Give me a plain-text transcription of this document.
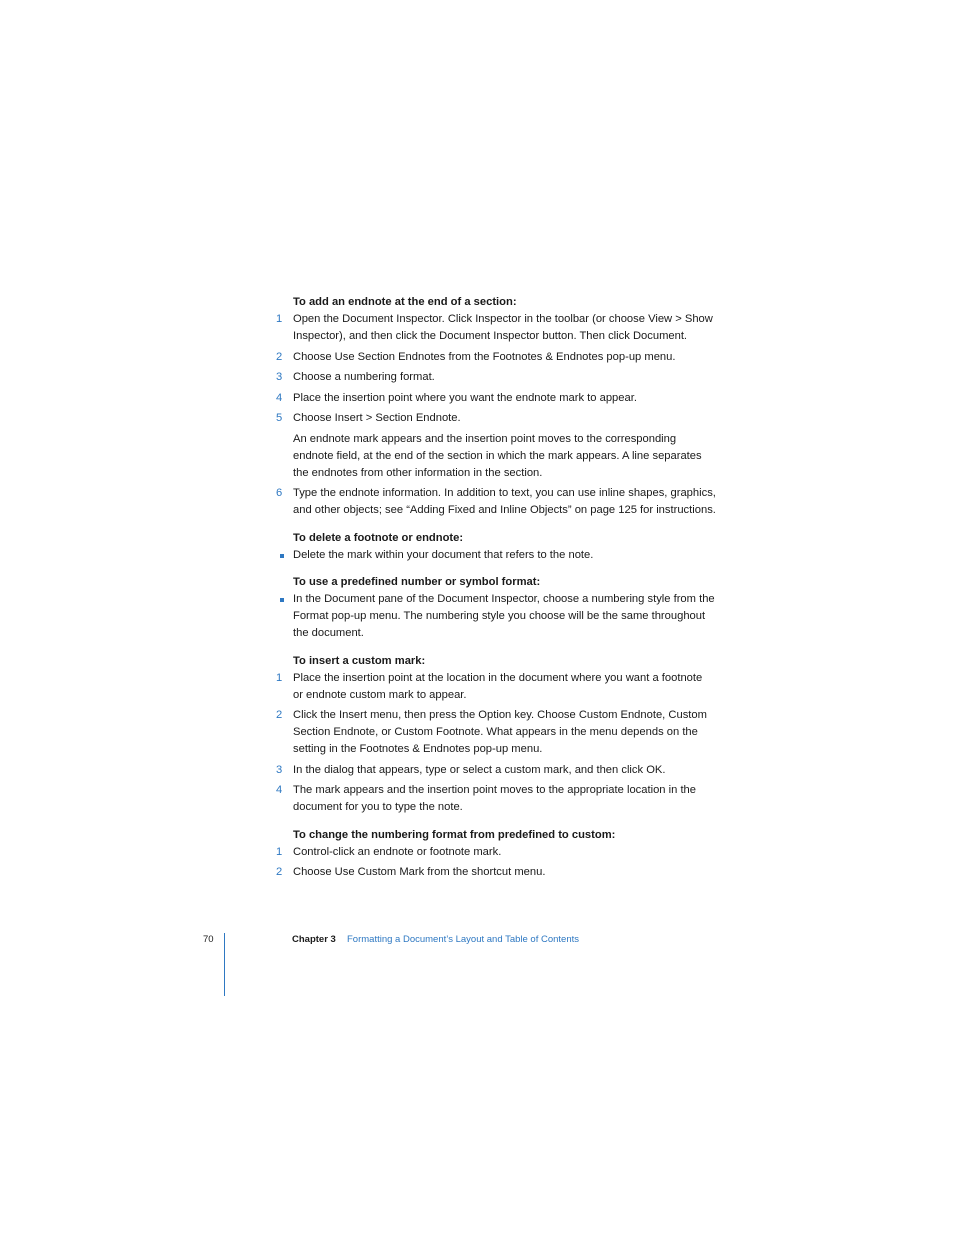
To add an endnote at the end of a section:
1 Open the Document Inspector. Click Inspector in the toolbar (or choose View > Show
Inspector), and then click the Document Inspector button. Then click Document.
2 Choose Use Section Endnotes from the Footnotes & Endnotes pop-up menu.
3 Choose a numbering format.
4 Place the insertion point where you want the endnote mark to appear.
5 Choose Insert > Section Endnote.
An endnote mark appears and the insertion point moves to the corresponding
endnote field, at the end of the section in which the mark appears. A line separates
the endnotes from other information in the section.
6 Type the endnote information. In addition to text, you can use inline shapes, graphics,
and other objects; see “Adding Fixed and Inline Objects” on page 125 for instructions.
To delete a footnote or endnote:
Delete the mark within your document that refers to the note.
To use a predefined number or symbol format:
In the Document pane of the Document Inspector, choose a numbering style from the
Format pop-up menu. The numbering style you choose will be the same throughout
the document.
To insert a custom mark:
1 Place the insertion point at the location in the document where you want a footnote
or endnote custom mark to appear.
2 Click the Insert menu, then press the Option key. Choose Custom Endnote, Custom
Section Endnote, or Custom Footnote. What appears in the menu depends on the
setting in the Footnotes & Endnotes pop-up menu.
3 In the dialog that appears, type or select a custom mark, and then click OK.
4 The mark appears and the insertion point moves to the appropriate location in the
document for you to type the note.
To change the numbering format from predefined to custom:
1 Control-click an endnote or footnote mark.
2 Choose Use Custom Mark from the shortcut menu.
70	Chapter 3 Formatting a Document’s Layout and Table of Contents
